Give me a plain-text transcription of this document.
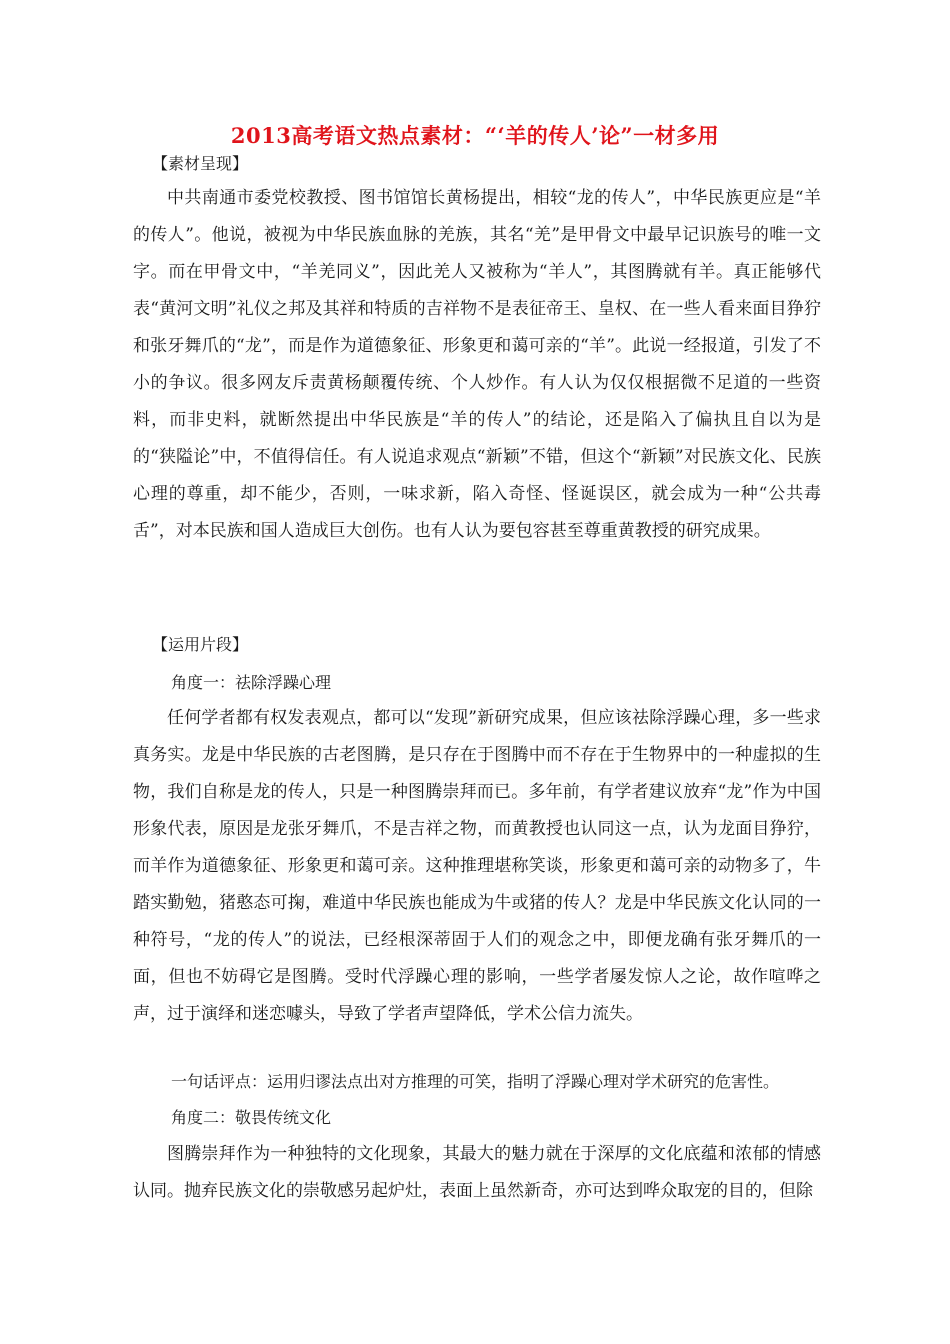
2013高考语文热点素材：“‘羊的传人’论”一材多用
【素材呈现】

中共南通市委党校教授、图书馆馆长黄杨提出，相较“龙的传人”，中华民族更应是“羊的传人”。他说，被视为中华民族血脉的羌族，其名“羌”是甲骨文中最早记识族号的唯一文字。而在甲骨文中，“羊羌同义”，因此羌人又被称为“羊人”，其图腾就有羊。真正能够代表“黄河文明”礼仪之邦及其祥和特质的吉祥物不是表征帝王、皇权、在一些人看来面目狰狞和张牙舞爪的“龙”，而是作为道德象征、形象更和蔼可亲的“羊”。此说一经报道，引发了不小的争议。很多网友斥责黄杨颠覆传统、个人炒作。有人认为仅仅根据微不足道的一些资料，而非史料，就断然提出中华民族是“羊的传人”的结论，还是陷入了偏执且自以为是的“狭隘论”中，不值得信任。有人说追求观点“新颖”不错，但这个“新颖”对民族文化、民族心理的尊重，却不能少，否则，一味求新，陷入奇怪、怪诞误区，就会成为一种“公共毒舌”，对本民族和国人造成巨大创伤。也有人认为要包容甚至尊重黄教授的研究成果。

【运用片段】
角度一：祛除浮躁心理

任何学者都有权发表观点，都可以“发现”新研究成果，但应该祛除浮躁心理，多一些求真务实。龙是中华民族的古老图腾，是只存在于图腾中而不存在于生物界中的一种虚拟的生物，我们自称是龙的传人，只是一种图腾崇拜而已。多年前，有学者建议放弃“龙”作为中国形象代表，原因是龙张牙舞爪，不是吉祥之物，而黄教授也认同这一点，认为龙面目狰狞，而羊作为道德象征、形象更和蔼可亲。这种推理堪称笑谈，形象更和蔼可亲的动物多了，牛踏实勤勉，猪憨态可掬，难道中华民族也能成为牛或猪的传人？龙是中华民族文化认同的一种符号，“龙的传人”的说法，已经根深蒂固于人们的观念之中，即便龙确有张牙舞爪的一面，但也不妨碍它是图腾。受时代浮躁心理的影响，一些学者屡发惊人之论，故作喧哗之声，过于演绎和迷恋噱头，导致了学者声望降低，学术公信力流失。

一句话评点：运用归谬法点出对方推理的可笑，指明了浮躁心理对学术研究的危害性。
角度二：敬畏传统文化

图腾崇拜作为一种独特的文化现象，其最大的魅力就在于深厚的文化底蕴和浓郁的情感认同。抛弃民族文化的崇敬感另起炉灶，表面上虽然新奇，亦可达到哗众取宠的目的，但除
